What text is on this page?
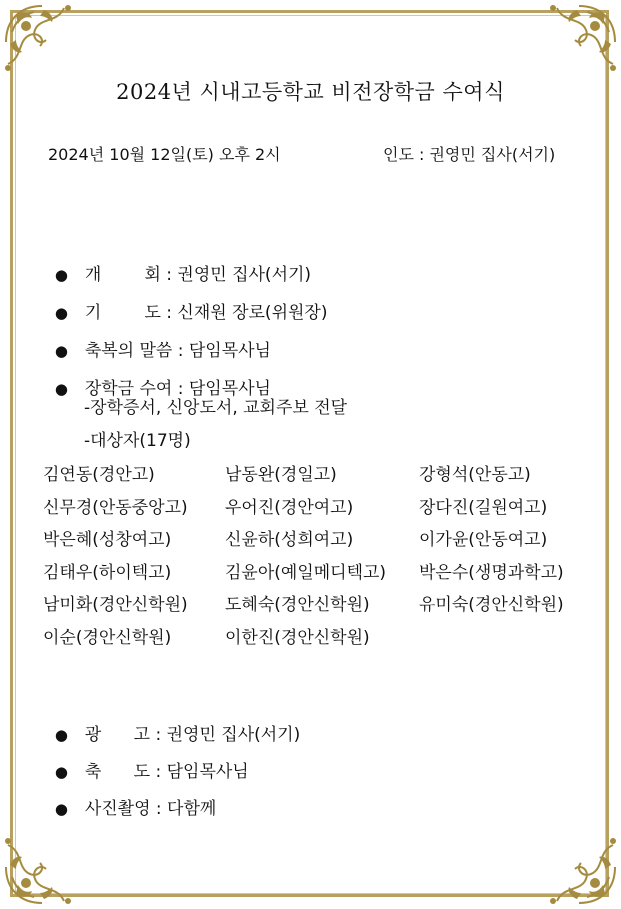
2024년 시내고등학교 비전장학금 수여식
2024년 10월 12일(토) 오후 2시	인도 : 권영민 집사(서기)

● 개        회 : 권영민 집사(서기)

● 기        도 : 신재원 장로(위원장)

● 축복의 말씀 : 담임목사님

● 장학금 수여 : 담임목사님

-장학증서, 신앙도서, 교회주보 전달
-대상자(17명)
김연동(경안고)	남동완(경일고)	강형석(안동고)
신무경(안동중앙고) 우어진(경안여고)	장다진(길원여고)
박은혜(성창여고)	신윤하(성희여고)	이가윤(안동여고)
김태우(하이텍고)	김윤아(예일메디텍고) 박은수(생명과학고)
남미화(경안신학원) 도혜숙(경안신학원)	유미숙(경안신학원)
이순(경안신학원)	이한진(경안신학원)

● 광      고 : 권영민 집사(서기)

● 축      도 : 담임목사님

● 사진촬영 : 다함께
